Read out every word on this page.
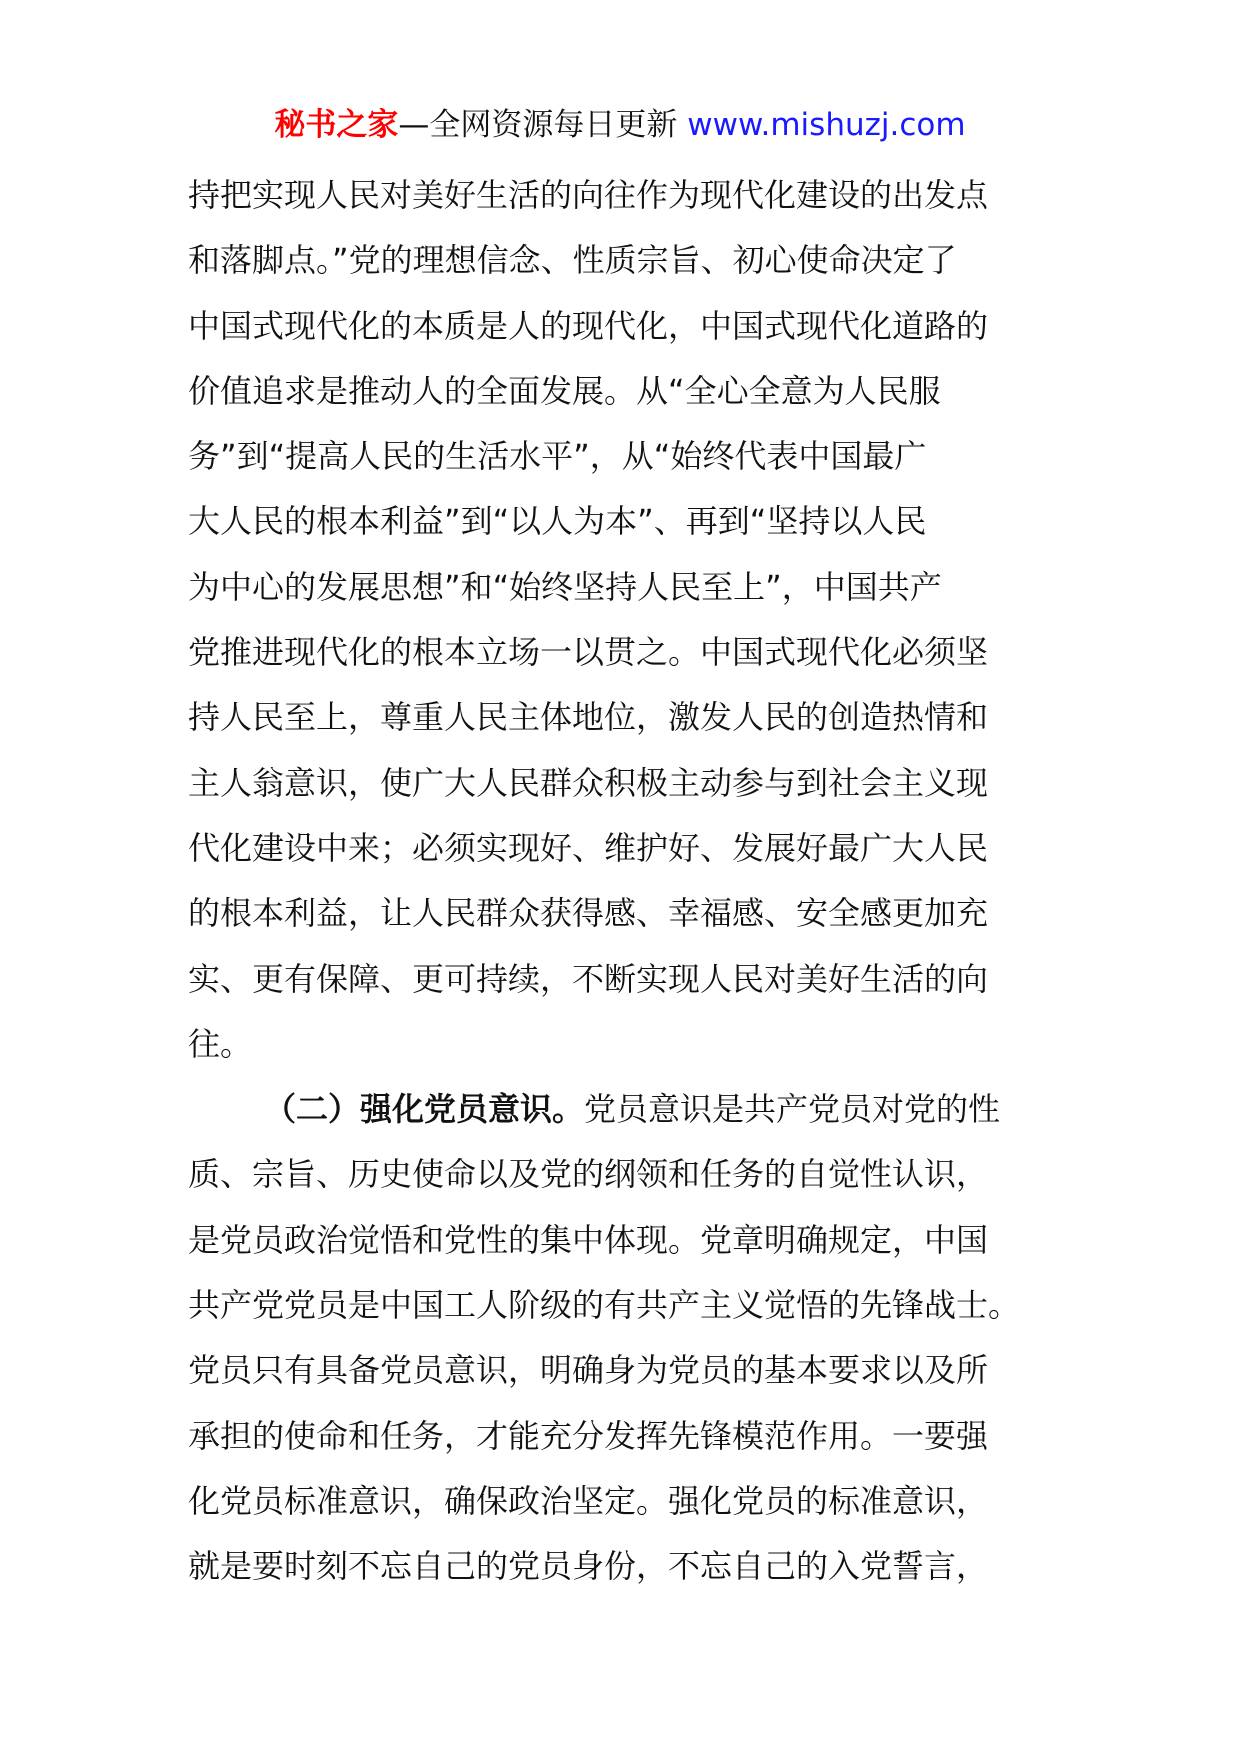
秘书之家—全网资源每日更新 www.mishuzj.com
持把实现人民对美好生活的向往作为现代化建设的出发点
和落脚点。”党的理想信念、性质宗旨、初心使命决定了
中国式现代化的本质是人的现代化，中国式现代化道路的
价值追求是推动人的全面发展。从“全心全意为人民服
务”到“提高人民的生活水平”，从“始终代表中国最广
大人民的根本利益”到“以人为本”、再到“坚持以人民
为中心的发展思想”和“始终坚持人民至上”，中国共产
党推进现代化的根本立场一以贯之。中国式现代化必须坚
持人民至上，尊重人民主体地位，激发人民的创造热情和
主人翁意识，使广大人民群众积极主动参与到社会主义现
代化建设中来；必须实现好、维护好、发展好最广大人民
的根本利益，让人民群众获得感、幸福感、安全感更加充
实、更有保障、更可持续，不断实现人民对美好生活的向
往。
（二）强化党员意识。党员意识是共产党员对党的性
质、宗旨、历史使命以及党的纲领和任务的自觉性认识，
是党员政治觉悟和党性的集中体现。党章明确规定，中国
共产党党员是中国工人阶级的有共产主义觉悟的先锋战士。
党员只有具备党员意识，明确身为党员的基本要求以及所
承担的使命和任务，才能充分发挥先锋模范作用。一要强
化党员标准意识，确保政治坚定。强化党员的标准意识，
就是要时刻不忘自己的党员身份，不忘自己的入党誓言，
